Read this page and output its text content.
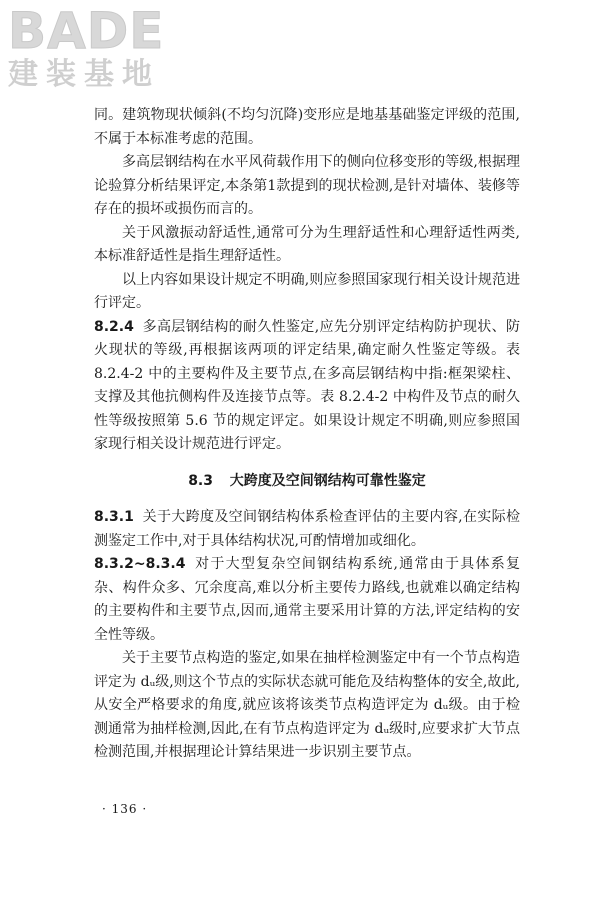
BADE
建装基地

同。建筑物现状倾斜(不均匀沉降)变形应是地基基础鉴定评级的范围,不属于本标准考虑的范围。

多高层钢结构在水平风荷载作用下的侧向位移变形的等级,根据理论验算分析结果评定,本条第1款提到的现状检测,是针对墙体、装修等存在的损坏或损伤而言的。

关于风激振动舒适性,通常可分为生理舒适性和心理舒适性两类,本标准舒适性是指生理舒适性。

以上内容如果设计规定不明确,则应参照国家现行相关设计规范进行评定。

8.2.4 多高层钢结构的耐久性鉴定,应先分别评定结构防护现状、防火现状的等级,再根据该两项的评定结果,确定耐久性鉴定等级。表 8.2.4-2 中的主要构件及主要节点,在多高层钢结构中指:框架梁柱、支撑及其他抗侧构件及连接节点等。表 8.2.4-2 中构件及节点的耐久性等级按照第 5.6 节的规定评定。如果设计规定不明确,则应参照国家现行相关设计规范进行评定。

8.3 大跨度及空间钢结构可靠性鉴定

8.3.1 关于大跨度及空间钢结构体系检查评估的主要内容,在实际检测鉴定工作中,对于具体结构状况,可酌情增加或细化。

8.3.2~8.3.4 对于大型复杂空间钢结构系统,通常由于具体系复杂、构件众多、冗余度高,难以分析主要传力路线,也就难以确定结构的主要构件和主要节点,因而,通常主要采用计算的方法,评定结构的安全性等级。

关于主要节点构造的鉴定,如果在抽样检测鉴定中有一个节点构造评定为 dᵤ级,则这个节点的实际状态就可能危及结构整体的安全,故此,从安全严格要求的角度,就应该将该类节点构造评定为 dᵤ级。由于检测通常为抽样检测,因此,在有节点构造评定为 dᵤ级时,应要求扩大节点检测范围,并根据理论计算结果进一步识别主要节点。

· 136 ·
